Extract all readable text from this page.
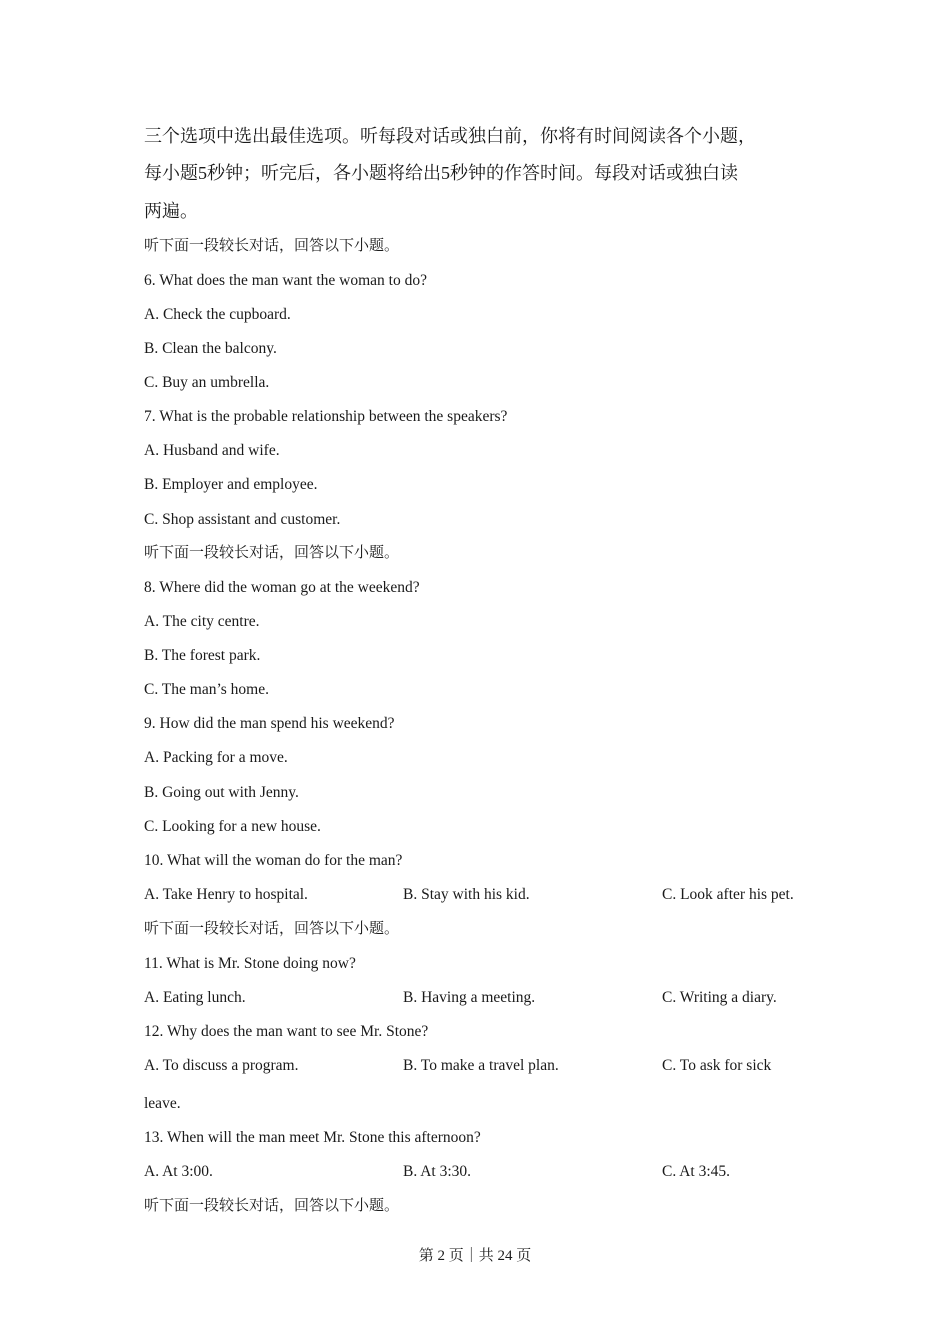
三个选项中选出最佳选项。听每段对话或独白前，你将有时间阅读各个小题，
每小题5秒钟；听完后，各小题将给出5秒钟的作答时间。每段对话或独白读
两遍。
听下面一段较长对话，回答以下小题。
6. What does the man want the woman to do?
A. Check the cupboard.
B. Clean the balcony.
C. Buy an umbrella.
7. What is the probable relationship between the speakers?
A. Husband and wife.
B. Employer and employee.
C. Shop assistant and customer.
听下面一段较长对话，回答以下小题。
8. Where did the woman go at the weekend?
A. The city centre.
B. The forest park.
C. The man’s home.
9. How did the man spend his weekend?
A. Packing for a move.
B. Going out with Jenny.
C. Looking for a new house.
10. What will the woman do for the man?
A. Take Henry to hospital.	B. Stay with his kid.	C. Look after his pet.
听下面一段较长对话，回答以下小题。
11. What is Mr. Stone doing now?
A. Eating lunch.	B. Having a meeting.	C. Writing a diary.
12. Why does the man want to see Mr. Stone?
A. To discuss a program.	B. To make a travel plan.	C. To ask for sick
leave.
13. When will the man meet Mr. Stone this afternoon?
A. At 3:00.	B. At 3:30.	C. At 3:45.
听下面一段较长对话，回答以下小题。
第 2 页｜共 24 页
